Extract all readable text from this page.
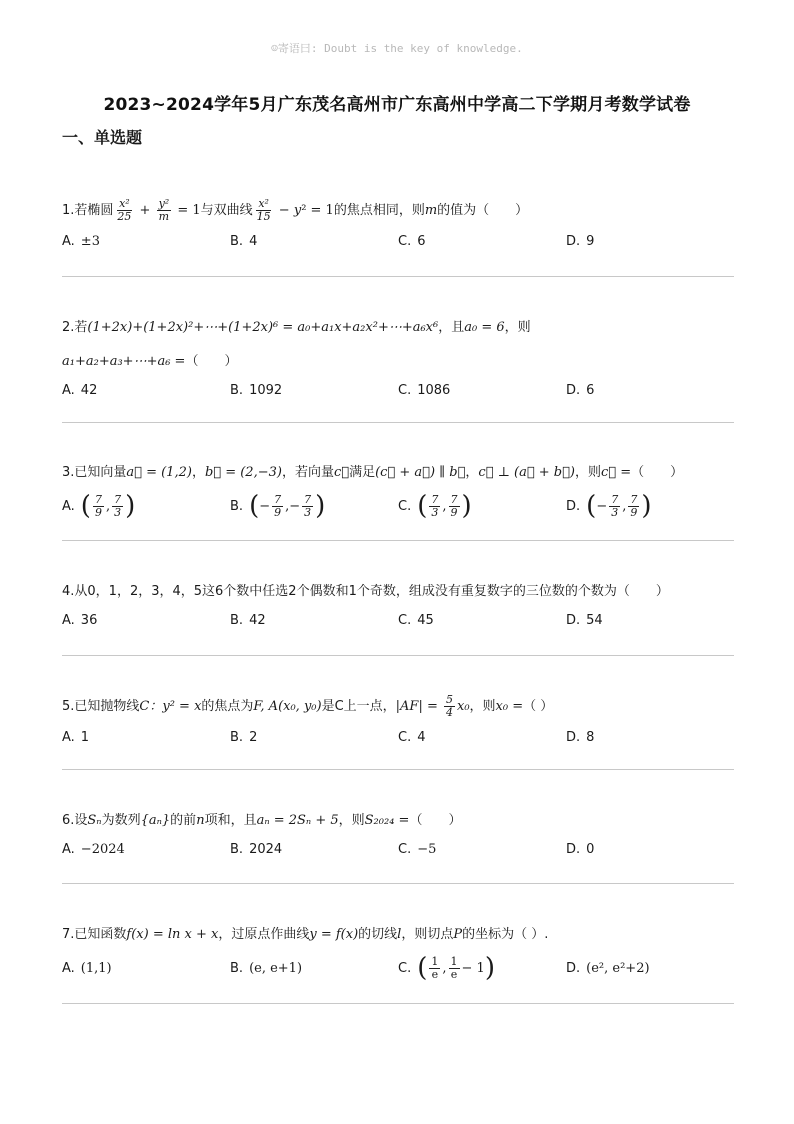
☺寄语曰: Doubt is the key of knowledge.
2023~2024学年5月广东茂名高州市广东高州中学高二下学期月考数学试卷
一、单选题
1.若椭圆 $\frac{\text{x²}}{25} + \frac{\text{y²}}{m} = 1$与双曲线 $\frac{\text{x²}}{15} - y^2 = 1$的焦点相同，则m的值为（　　）
A. ±3	B. 4	C. 6	D. 9
2.若(1+2x)+(1+2x)²+⋯+(1+2x)⁶ = a₀+a₁x+a₂x²+⋯+a₆x⁶，且a₀ = 6，则
a₁+a₂+a₃+⋯+a₆ =（　　）
A. 42	B. 1092	C. 1086	D. 6
3.已知向量a⃗ = (1,2)，b⃗ = (2,−3)，若向量c⃗满足(c⃗ + a⃗) ∥ b⃗，c⃗ ⊥ (a⃗ + b⃗)，则c⃗ =（　　）
A. ( $\frac{7}{9}$ , $\frac{7}{3}$ )	B. ( − $\frac{7}{9}$ ,− $\frac{7}{3}$ )	C. ( $\frac{7}{3}$ , $\frac{7}{9}$ )	D. ( − $\frac{7}{3}$ , $\frac{7}{9}$ )
4.从0，1，2，3，4，5这6个数中任选2个偶数和1个奇数，组成没有重复数字的三位数的个数为（　　）
A. 36	B. 42	C. 45	D. 54
5.已知抛物线C：y² = x的焦点为F, A(x₀, y₀)是C上一点，$|AF| = \frac{5}{4} x_0$，则x₀ =（ ）
A. 1	B. 2	C. 4	D. 8
6.设Sₙ为数列{aₙ}的前n项和，且aₙ = 2Sₙ + 5，则S₂₀₂₄ =（　　）
A. −2024	B. 2024	C. −5	D. 0
7.已知函数f(x) = ln x + x，过原点作曲线y = f(x)的切线l，则切点P的坐标为（ ）.
A. (1,1)	B. (e, e+1)	C. ( $\frac{1}{e}$ , $\frac{1}{e} - 1$ )	D. (e², e²+2)
